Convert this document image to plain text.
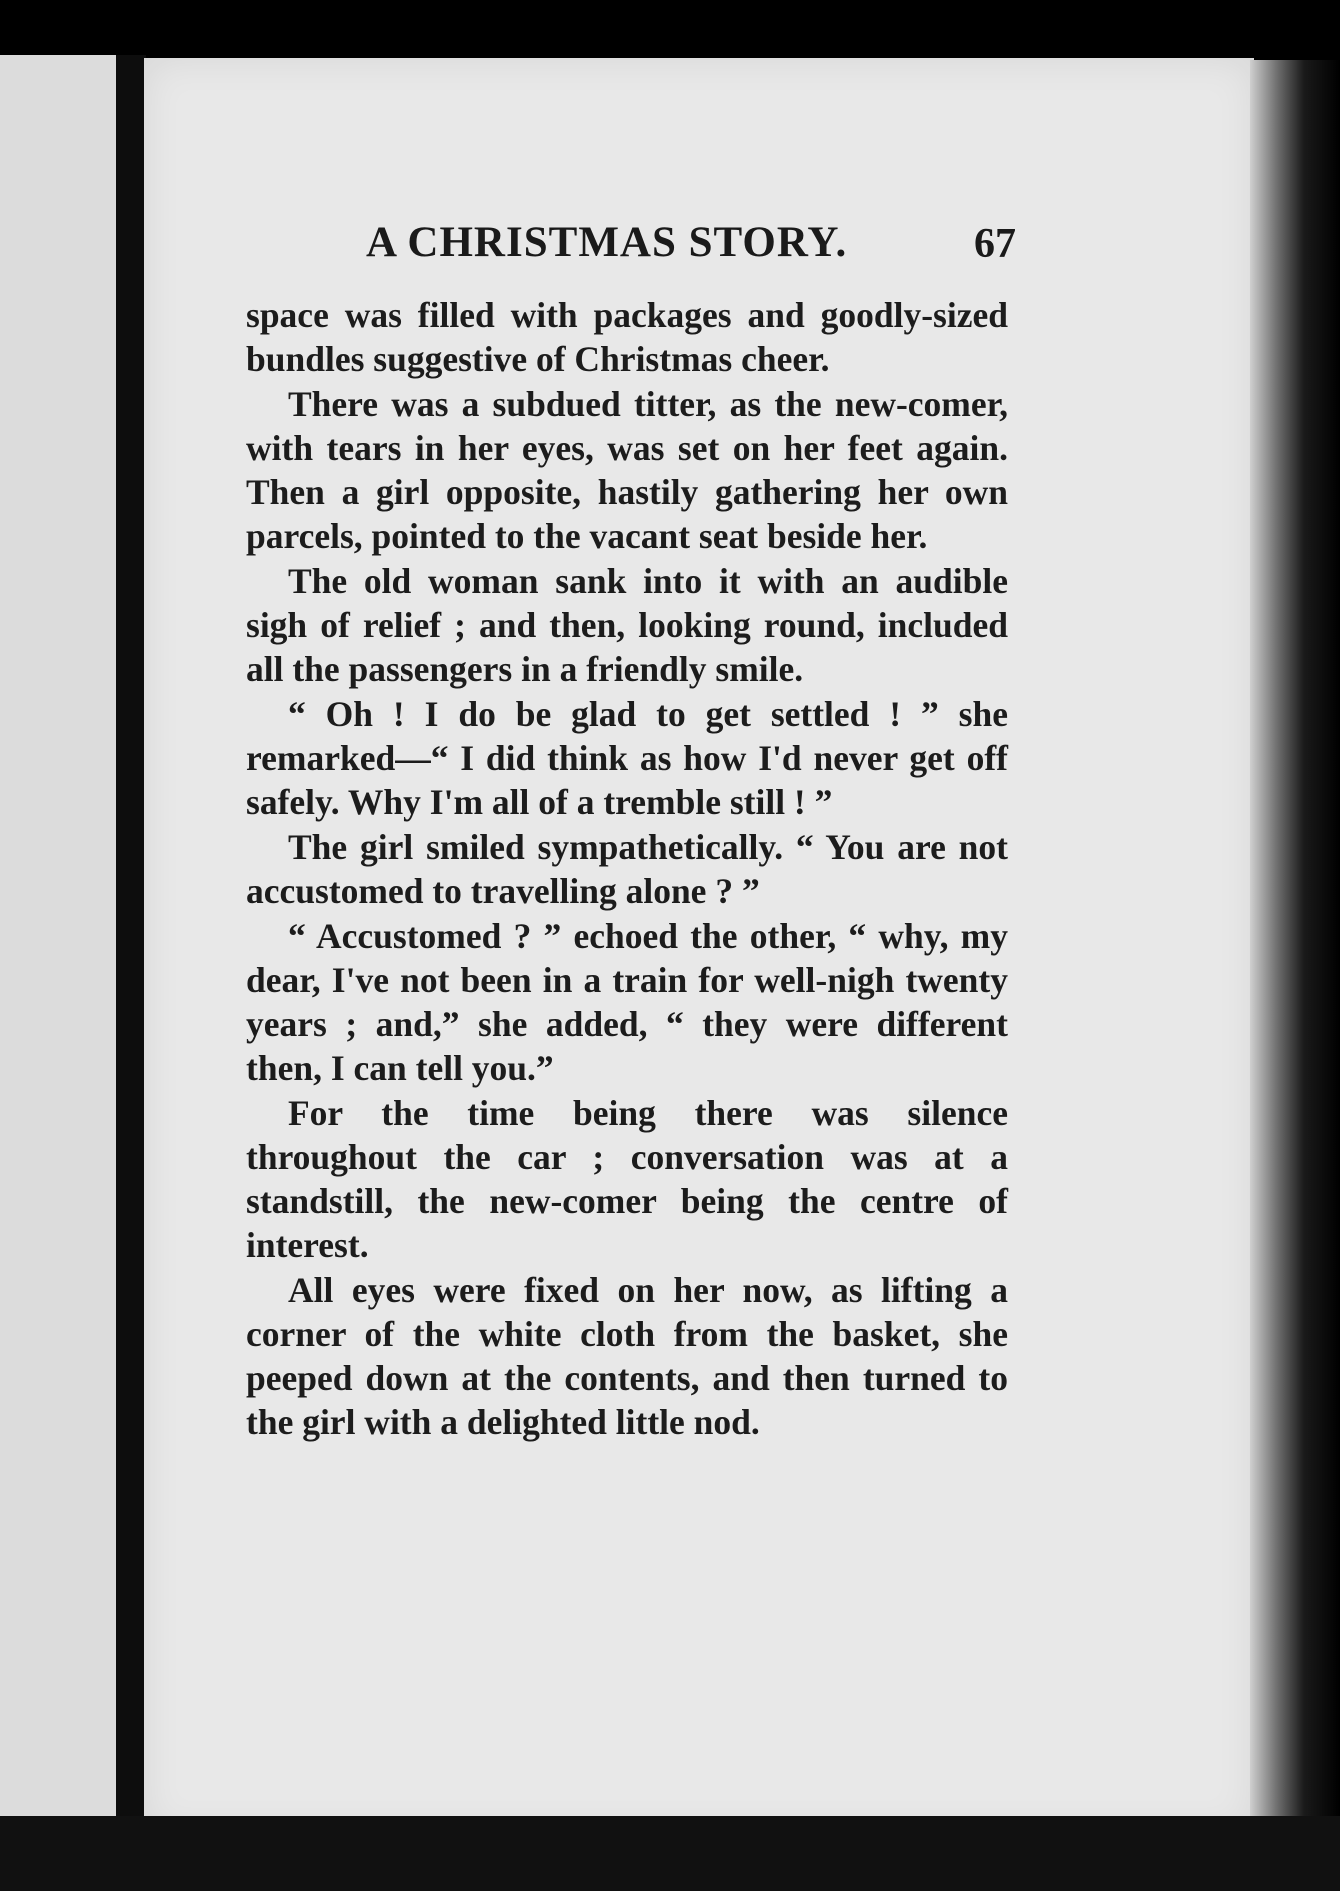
A CHRISTMAS STORY.	67

space was filled with packages and goodly-sized bundles suggestive of Christmas cheer.

There was a subdued titter, as the new-comer, with tears in her eyes, was set on her feet again. Then a girl opposite, hastily gathering her own parcels, pointed to the vacant seat beside her.

The old woman sank into it with an audible sigh of relief ; and then, looking round, included all the passengers in a friendly smile.

“ Oh ! I do be glad to get settled ! ” she remarked—“ I did think as how I'd never get off safely. Why I'm all of a tremble still ! ”

The girl smiled sympathetically. “ You are not accustomed to travelling alone ? ”

“ Accustomed ? ” echoed the other, “ why, my dear, I've not been in a train for well-nigh twenty years ; and,” she added, “ they were different then, I can tell you.”

For the time being there was silence throughout the car ; conversation was at a standstill, the new-comer being the centre of interest.

All eyes were fixed on her now, as lifting a corner of the white cloth from the basket, she peeped down at the contents, and then turned to the girl with a delighted little nod.
